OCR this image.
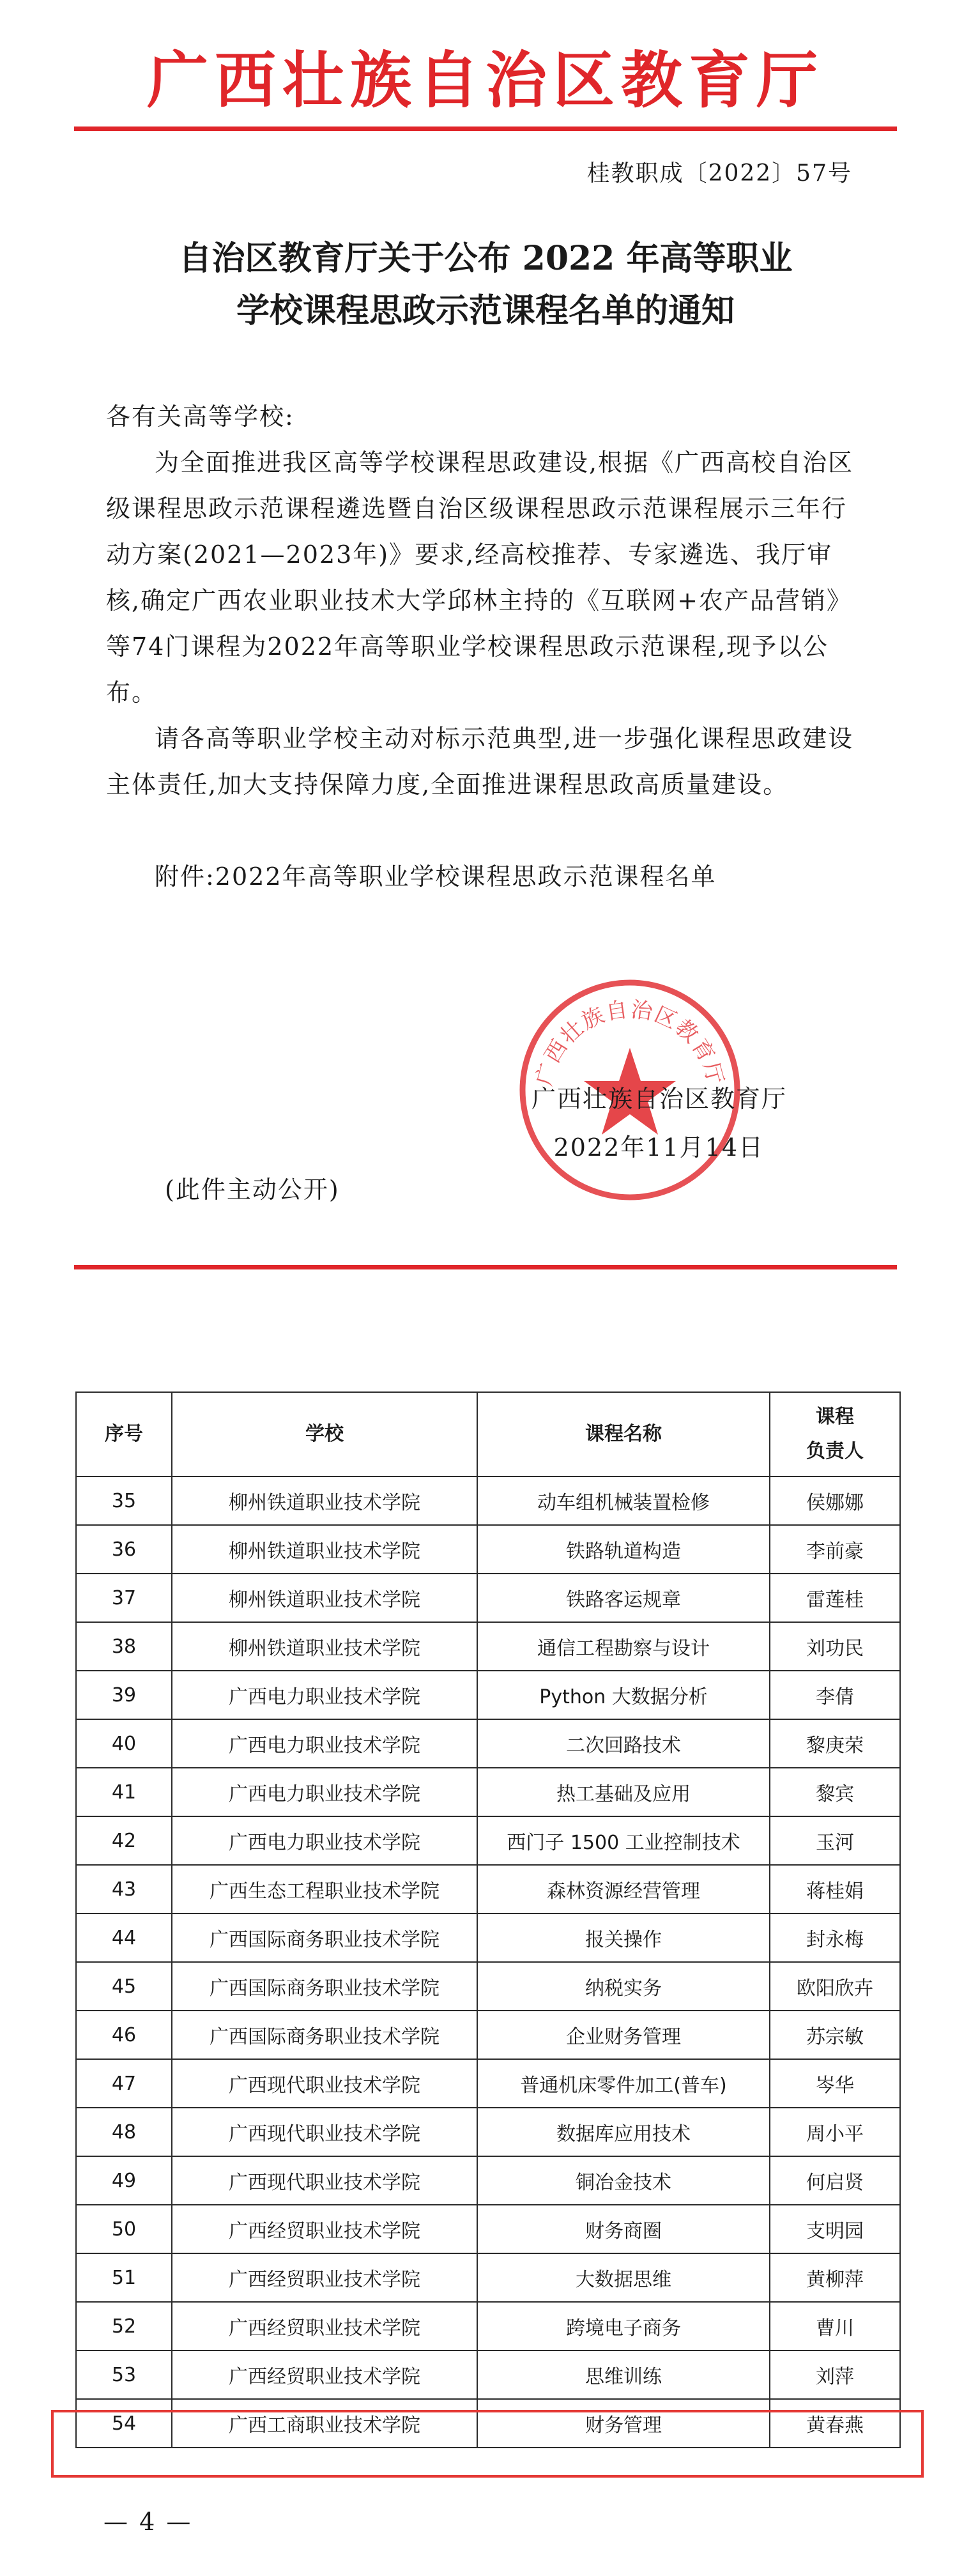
广西壮族自治区教育厅
桂教职成〔2022〕57号
自治区教育厅关于公布 2022 年高等职业
学校课程思政示范课程名单的通知

各有关高等学校:

为全面推进我区高等学校课程思政建设,根据《广西高校自治区级课程思政示范课程遴选暨自治区级课程思政示范课程展示三年行动方案(2021—2023年)》要求,经高校推荐、专家遴选、我厅审核,确定广西农业职业技术大学邱林主持的《互联网+农产品营销》等74门课程为2022年高等职业学校课程思政示范课程,现予以公布。

请各高等职业学校主动对标示范典型,进一步强化课程思政建设主体责任,加大支持保障力度,全面推进课程思政高质量建设。

附件:2022年高等职业学校课程思政示范课程名单

广西壮族自治区教育厅
广西壮族自治区教育厅
2022年11月14日
(此件主动公开)
序号	学校	课程名称	课程
负责人

35	柳州铁道职业技术学院	动车组机械装置检修	侯娜娜
36	柳州铁道职业技术学院	铁路轨道构造	李前豪
37	柳州铁道职业技术学院	铁路客运规章	雷莲桂
38	柳州铁道职业技术学院	通信工程勘察与设计	刘功民
39	广西电力职业技术学院	Python 大数据分析	李倩
40	广西电力职业技术学院	二次回路技术	黎庚荣
41	广西电力职业技术学院	热工基础及应用	黎宾
42	广西电力职业技术学院	西门子 1500 工业控制技术	玉河
43	广西生态工程职业技术学院	森林资源经营管理	蒋桂娟
44	广西国际商务职业技术学院	报关操作	封永梅
45	广西国际商务职业技术学院	纳税实务	欧阳欣卉
46	广西国际商务职业技术学院	企业财务管理	苏宗敏
47	广西现代职业技术学院	普通机床零件加工(普车)	岑华
48	广西现代职业技术学院	数据库应用技术	周小平
49	广西现代职业技术学院	铜冶金技术	何启贤
50	广西经贸职业技术学院	财务商圈	支明园
51	广西经贸职业技术学院	大数据思维	黄柳萍
52	广西经贸职业技术学院	跨境电子商务	曹川
53	广西经贸职业技术学院	思维训练	刘萍
54	广西工商职业技术学院	财务管理	黄春燕
— 4 —
